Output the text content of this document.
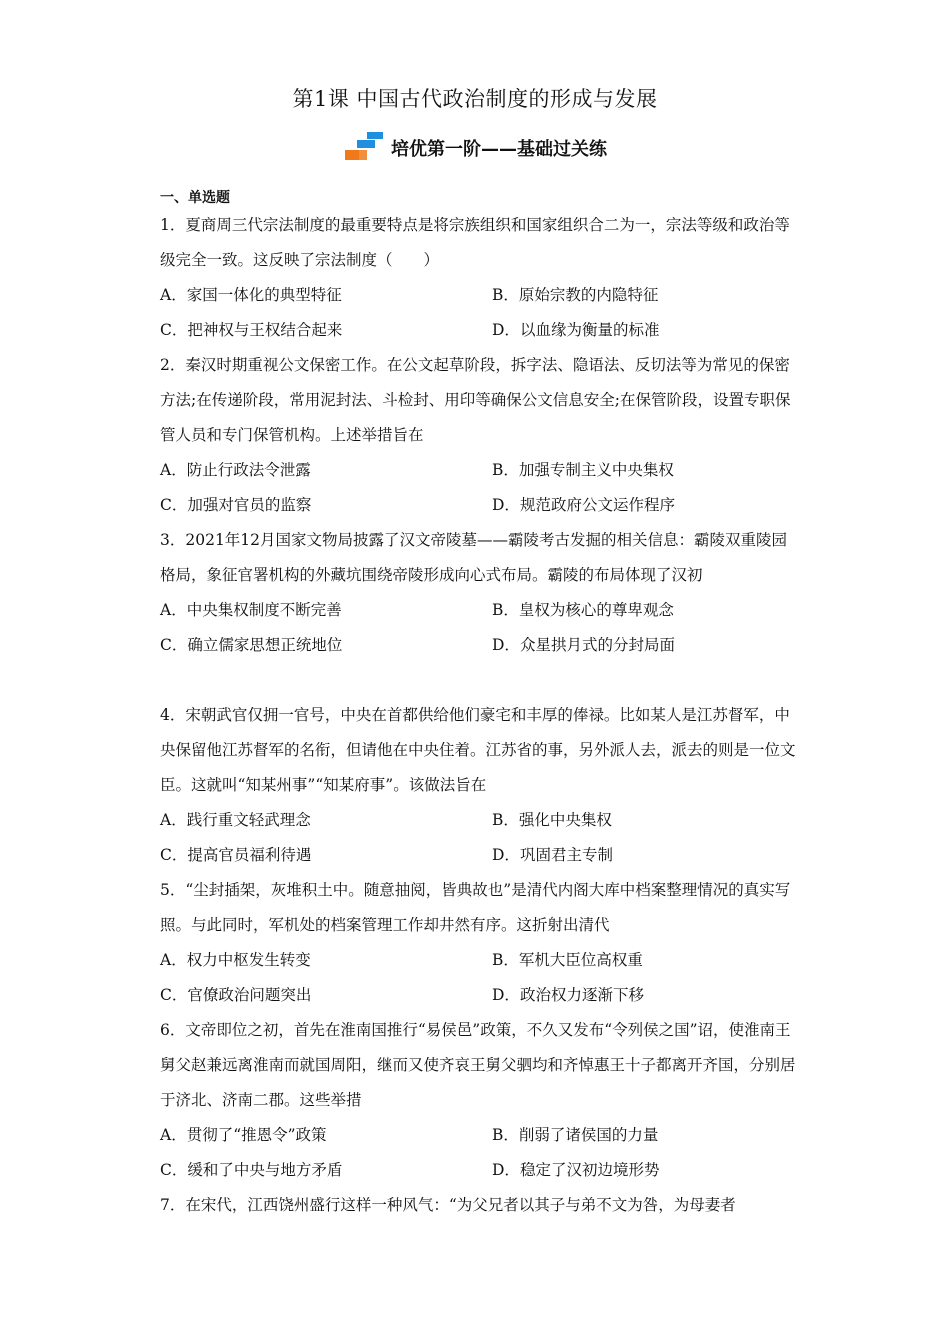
第1课 中国古代政治制度的形成与发展
培优第一阶——基础过关练
一、单选题

1．夏商周三代宗法制度的最重要特点是将宗族组织和国家组织合二为一，宗法等级和政治等级完全一致。这反映了宗法制度（　　）

A．家国一体化的典型特征	B．原始宗教的内隐特征
C．把神权与王权结合起来	D．以血缘为衡量的标准

2．秦汉时期重视公文保密工作。在公文起草阶段，拆字法、隐语法、反切法等为常见的保密方法;在传递阶段，常用泥封法、斗检封、用印等确保公文信息安全;在保管阶段，设置专职保管人员和专门保管机构。上述举措旨在

A．防止行政法令泄露	B．加强专制主义中央集权
C．加强对官员的监察	D．规范政府公文运作程序

3．2021年12月国家文物局披露了汉文帝陵墓——霸陵考古发掘的相关信息：霸陵双重陵园格局，象征官署机构的外藏坑围绕帝陵形成向心式布局。霸陵的布局体现了汉初

A．中央集权制度不断完善	B．皇权为核心的尊卑观念
C．确立儒家思想正统地位	D．众星拱月式的分封局面

4．宋朝武官仅拥一官号，中央在首都供给他们豪宅和丰厚的俸禄。比如某人是江苏督军，中央保留他江苏督军的名衔，但请他在中央住着。江苏省的事，另外派人去，派去的则是一位文臣。这就叫“知某州事”“知某府事”。该做法旨在

A．践行重文轻武理念	B．强化中央集权
C．提高官员福利待遇	D．巩固君主专制

5．“尘封插架，灰堆积土中。随意抽阅，皆典故也”是清代内阁大库中档案整理情况的真实写照。与此同时，军机处的档案管理工作却井然有序。这折射出清代

A．权力中枢发生转变	B．军机大臣位高权重
C．官僚政治问题突出	D．政治权力逐渐下移

6．文帝即位之初，首先在淮南国推行“易侯邑”政策，不久又发布“令列侯之国”诏，使淮南王舅父赵兼远离淮南而就国周阳，继而又使齐哀王舅父驷均和齐悼惠王十子都离开齐国，分别居于济北、济南二郡。这些举措

A．贯彻了“推恩令”政策	B．削弱了诸侯国的力量
C．缓和了中央与地方矛盾	D．稳定了汉初边境形势

7．在宋代，江西饶州盛行这样一种风气：“为父兄者以其子与弟不文为咎，为母妻者
